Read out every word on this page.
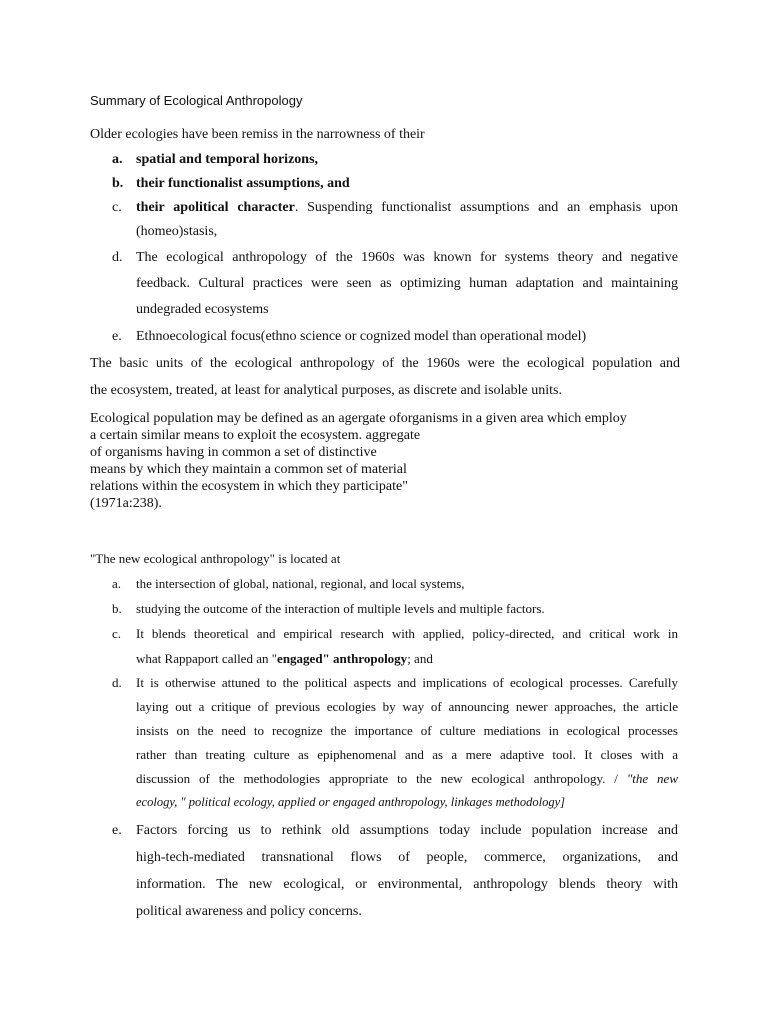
Summary of Ecological Anthropology
Older ecologies have been remiss in the narrowness of their
a. spatial and temporal horizons,
b. their functionalist assumptions, and
c.	their apolitical character. Suspending functionalist assumptions and an emphasis upon
(homeo)stasis,
d. The ecological anthropology of the 1960s was known for systems theory and negative
feedback. Cultural practices were seen as optimizing human adaptation and maintaining
undegraded ecosystems
e.	Ethnoecological focus(ethno science or cognized model than operational model)
The basic units of the ecological anthropology of the 1960s were the ecological population and
the ecosystem, treated, at least for analytical purposes, as discrete and isolable units.
Ecological population may be defined as an agergate oforganisms in a given area which employ
a certain similar means to exploit the ecosystem. aggregate
of organisms having in common a set of distinctive
means by which they maintain a common set of material
relations within the ecosystem in which they participate"
(1971a:238).
"The new ecological anthropology" is located at
a.	the intersection of global, national, regional, and local systems,
b.	studying the outcome of the interaction of multiple levels and multiple factors.
c.	It blends theoretical and empirical research with applied, policy-directed, and critical work in
what Rappaport called an "engaged" anthropology; and
d.	It is otherwise attuned to the political aspects and implications of ecological processes. Carefully
laying out a critique of previous ecologies by way of announcing newer approaches, the article
insists on the need to recognize the importance of culture mediations in ecological processes
rather than treating culture as epiphenomenal and as a mere adaptive tool. It closes with a
discussion of the methodologies appropriate to the new ecological anthropology. / "the new
ecology, " political ecology, applied or engaged anthropology, linkages methodology]
e.	Factors forcing us to rethink old assumptions today include population increase and
high-tech-mediated transnational flows of people, commerce, organizations, and
information. The new ecological, or environmental, anthropology blends theory with
political awareness and policy concerns.
